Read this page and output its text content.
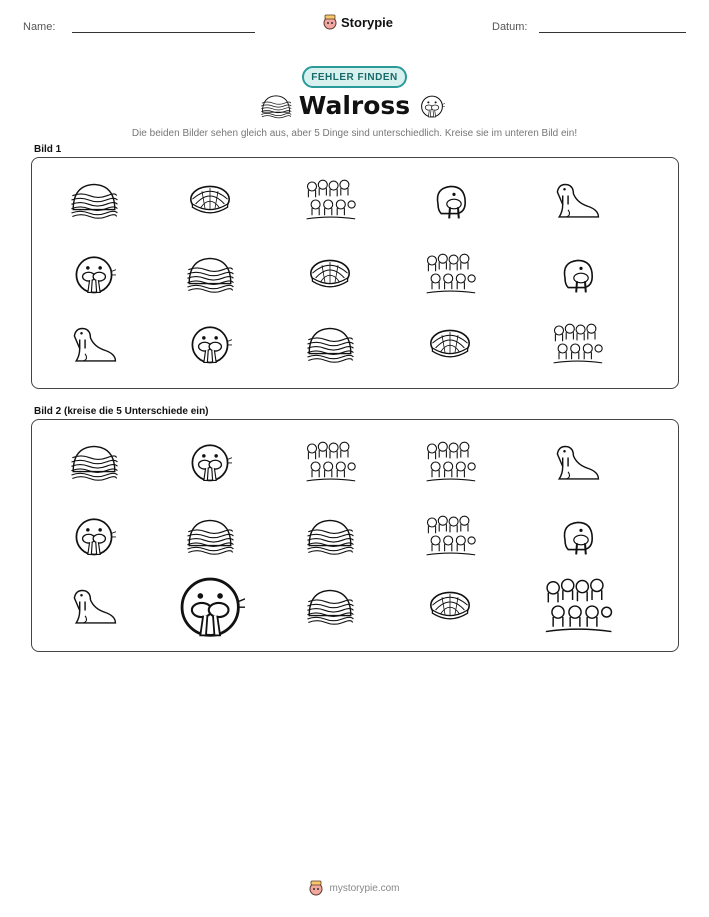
Name:	Storypie	Datum:
FEHLER FINDEN
Walross
Die beiden Bilder sehen gleich aus, aber 5 Dinge sind unterschiedlich. Kreise sie im unteren Bild ein!
Bild 1
Bild 2 (kreise die 5 Unterschiede ein)
mystorypie.com
